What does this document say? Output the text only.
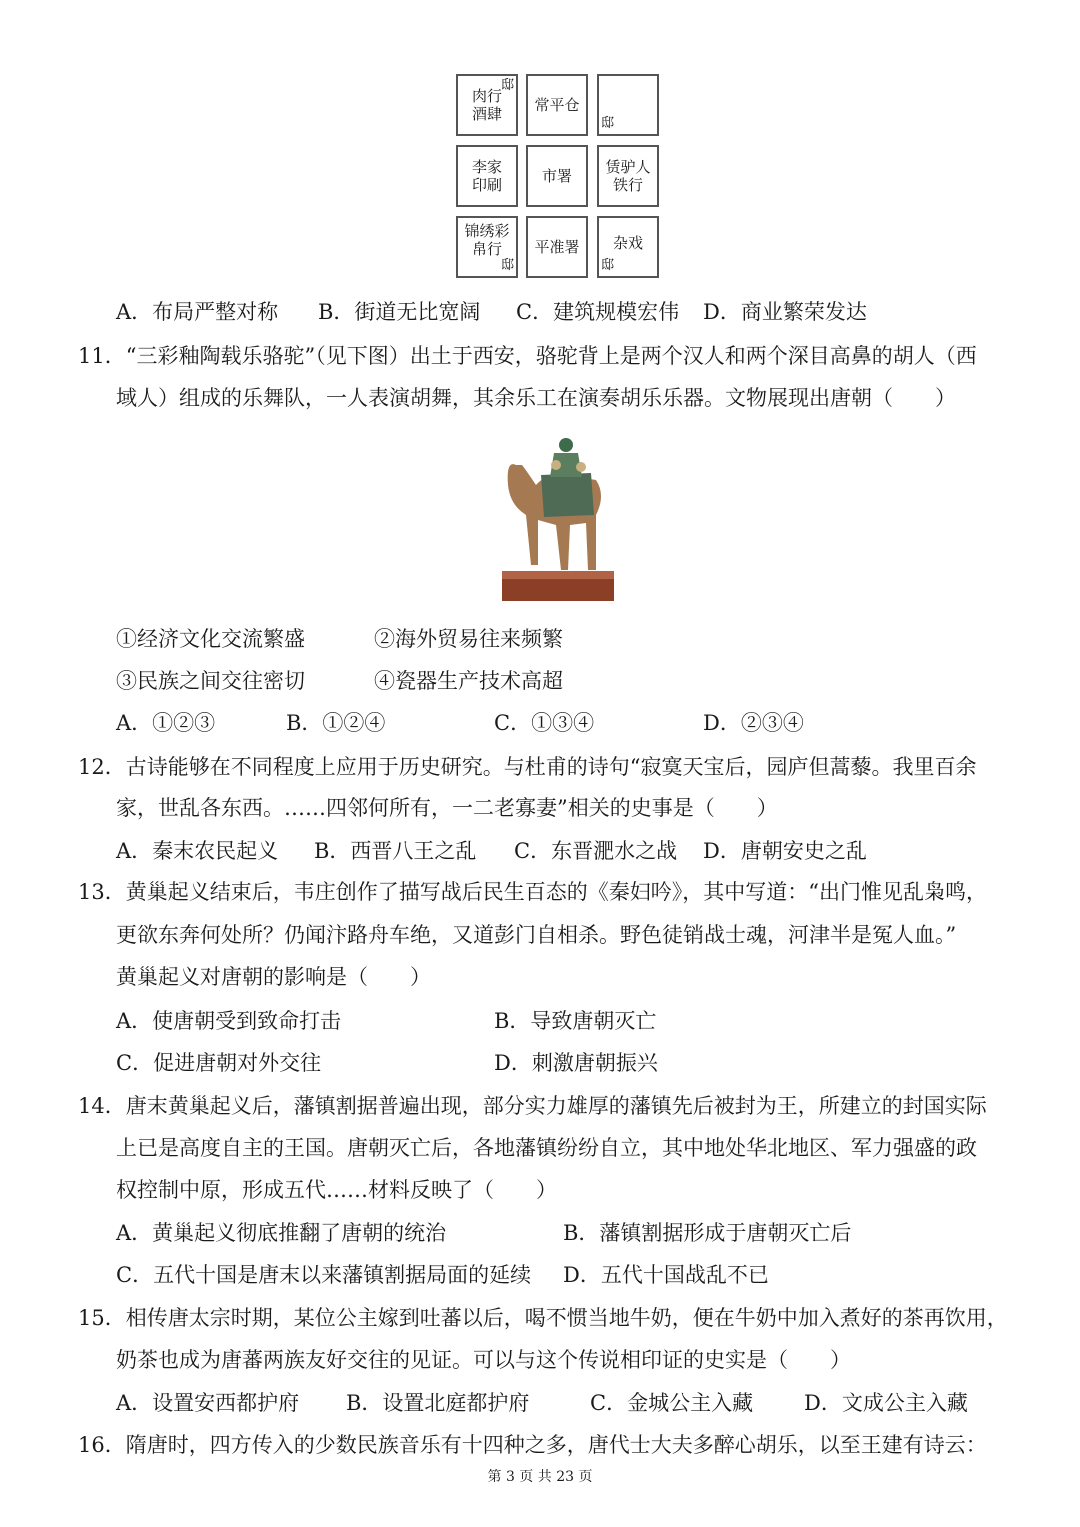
肉行
酒肆
邸
常平仓
邸
李家
印刷	市署 赁驴人
铁行
锦绣彩
帛行
邸
平准署 杂戏
邸
A．布局严整对称 B．街道无比宽阔 C．建筑规模宏伟 D．商业繁荣发达
11．“三彩釉陶载乐骆驼”（见下图）出土于西安，骆驼背上是两个汉人和两个深目高鼻的胡人（西
域人）组成的乐舞队，一人表演胡舞，其余乐工在演奏胡乐乐器。文物展现出唐朝（　　）
①经济文化交流繁盛	②海外贸易往来频繁
③民族之间交往密切	④瓷器生产技术高超
A．①②③	B．①②④	C．①③④	D．②③④
12．古诗能够在不同程度上应用于历史研究。与杜甫的诗句“寂寞天宝后，园庐但蒿藜。我里百余
家，世乱各东西。……四邻何所有，一二老寡妻”相关的史事是（　　）
A．秦末农民起义 B．西晋八王之乱 C．东晋淝水之战 D．唐朝安史之乱
13．黄巢起义结束后，韦庄创作了描写战后民生百态的《秦妇吟》，其中写道：“出门惟见乱枭鸣，
更欲东奔何处所？仍闻汴路舟车绝，又道彭门自相杀。野色徒销战士魂，河津半是冤人血。”
黄巢起义对唐朝的影响是（　　）
A．使唐朝受到致命打击	B．导致唐朝灭亡
C．促进唐朝对外交往	D．刺激唐朝振兴
14．唐末黄巢起义后，藩镇割据普遍出现，部分实力雄厚的藩镇先后被封为王，所建立的封国实际
上已是高度自主的王国。唐朝灭亡后，各地藩镇纷纷自立，其中地处华北地区、军力强盛的政
权控制中原，形成五代……材料反映了（　　）
A．黄巢起义彻底推翻了唐朝的统治	B．藩镇割据形成于唐朝灭亡后
C．五代十国是唐末以来藩镇割据局面的延续 D．五代十国战乱不已
15．相传唐太宗时期，某位公主嫁到吐蕃以后，喝不惯当地牛奶，便在牛奶中加入煮好的茶再饮用，
奶茶也成为唐蕃两族友好交往的见证。可以与这个传说相印证的史实是（　　）
A．设置安西都护府 B．设置北庭都护府	C．金城公主入藏 D．文成公主入藏
16．隋唐时，四方传入的少数民族音乐有十四种之多，唐代士大夫多醉心胡乐，以至王建有诗云：
第 3 页 共 23 页
